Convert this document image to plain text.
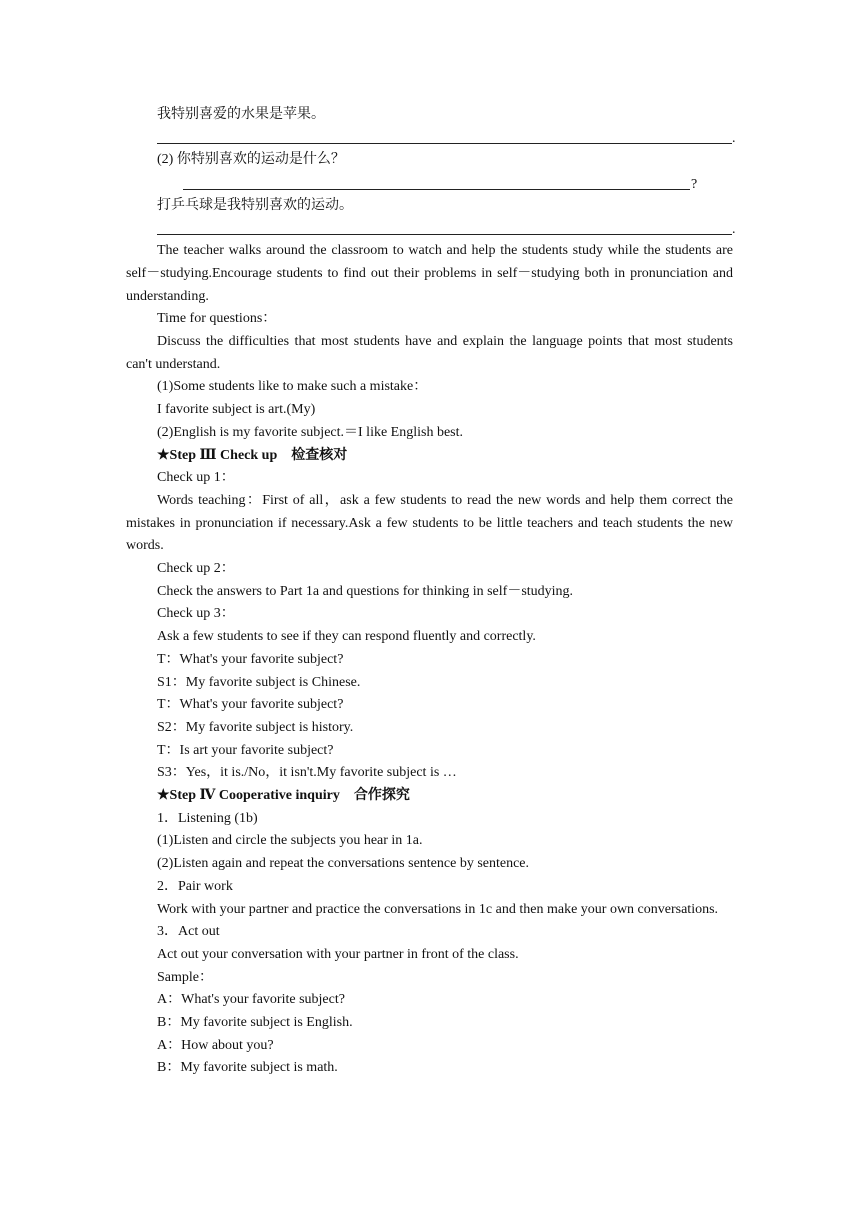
我特别喜爱的水果是苹果。
.
(2) 你特别喜欢的运动是什么？
?
打乒乓球是我特别喜欢的运动。
.
The teacher walks around the classroom to watch and help the students study while the students are self－studying.Encourage students to find out their problems in self－studying both in pronunciation and understanding.
Time for questions：
Discuss the difficulties that most students have and explain the language points that most students can't understand.
(1)Some students like to make such a mistake：
I favorite subject is art.(My)
(2)English is my favorite subject.＝I like English best.
★Step Ⅲ Check up　检查核对
Check up 1：
Words teaching：First of all，ask a few students to read the new words and help them correct the mistakes in pronunciation if necessary.Ask a few students to be little teachers and teach students the new words.
Check up 2：
Check the answers to Part 1a and questions for thinking in self－studying.
Check up 3：
Ask a few students to see if they can respond fluently and correctly.
T：What's your favorite subject?
S1：My favorite subject is Chinese.
T：What's your favorite subject?
S2：My favorite subject is history.
T：Is art your favorite subject?
S3：Yes，it is./No，it isn't.My favorite subject is …
★Step Ⅳ Cooperative inquiry　合作探究
1．Listening (1b)
(1)Listen and circle the subjects you hear in 1a.
(2)Listen again and repeat the conversations sentence by sentence.
2．Pair work
Work with your partner and practice the conversations in 1c and then make your own conversations.
3．Act out
Act out your conversation with your partner in front of the class.
Sample：
A：What's your favorite subject?
B：My favorite subject is English.
A：How about you?
B：My favorite subject is math.
